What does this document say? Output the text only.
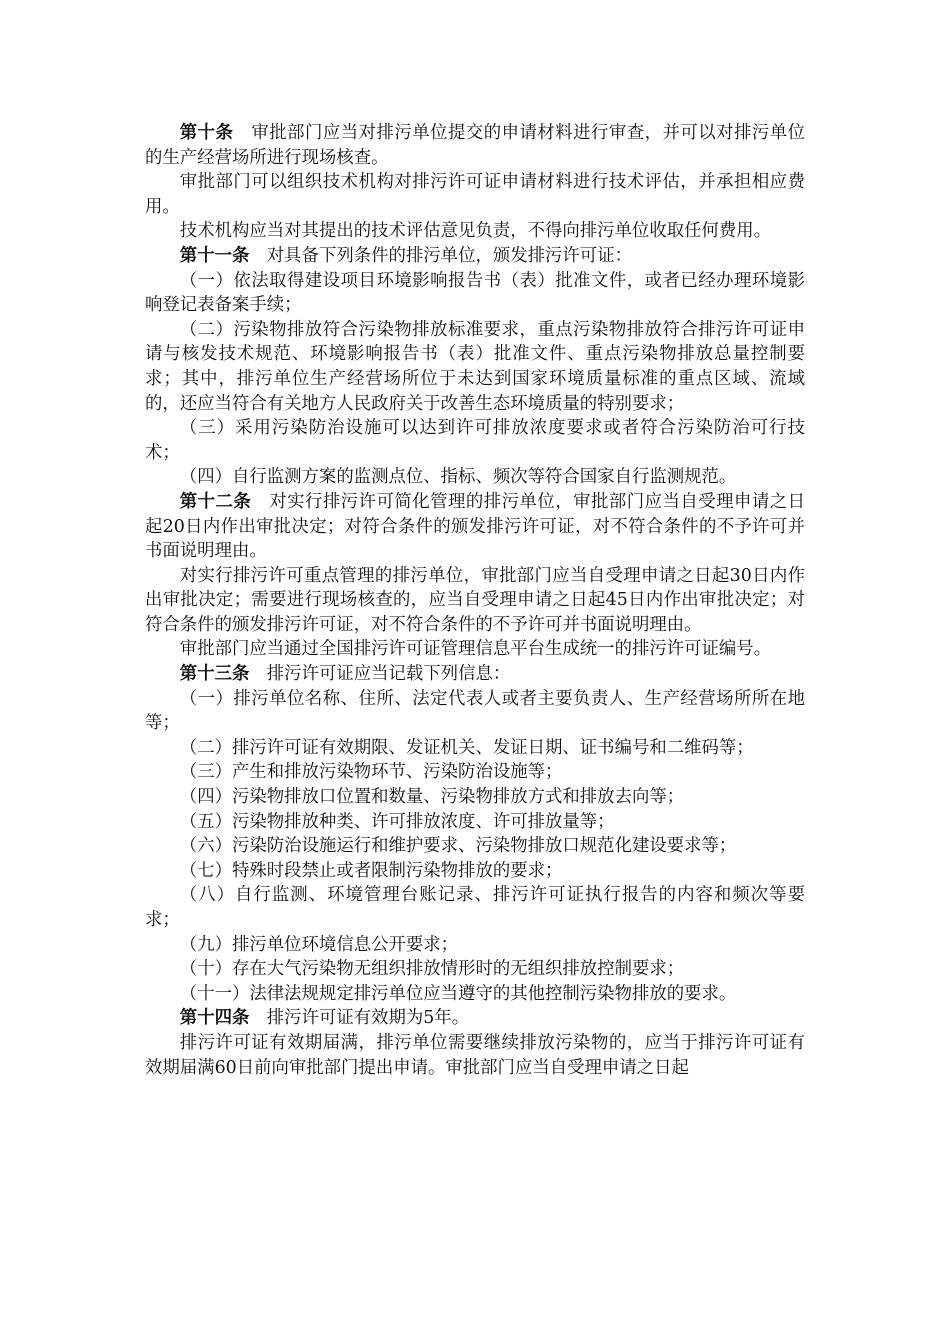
第十条 审批部门应当对排污单位提交的申请材料进行审查，并可以对排污单位的生产经营场所进行现场核查。

审批部门可以组织技术机构对排污许可证申请材料进行技术评估，并承担相应费用。

技术机构应当对其提出的技术评估意见负责，不得向排污单位收取任何费用。

第十一条 对具备下列条件的排污单位，颁发排污许可证：

（一）依法取得建设项目环境影响报告书（表）批准文件，或者已经办理环境影响登记表备案手续；

（二）污染物排放符合污染物排放标准要求，重点污染物排放符合排污许可证申请与核发技术规范、环境影响报告书（表）批准文件、重点污染物排放总量控制要求；其中，排污单位生产经营场所位于未达到国家环境质量标准的重点区域、流域的，还应当符合有关地方人民政府关于改善生态环境质量的特别要求；

（三）采用污染防治设施可以达到许可排放浓度要求或者符合污染防治可行技术；

（四）自行监测方案的监测点位、指标、频次等符合国家自行监测规范。

第十二条 对实行排污许可简化管理的排污单位，审批部门应当自受理申请之日起20日内作出审批决定；对符合条件的颁发排污许可证，对不符合条件的不予许可并书面说明理由。

对实行排污许可重点管理的排污单位，审批部门应当自受理申请之日起30日内作出审批决定；需要进行现场核查的，应当自受理申请之日起45日内作出审批决定；对符合条件的颁发排污许可证，对不符合条件的不予许可并书面说明理由。

审批部门应当通过全国排污许可证管理信息平台生成统一的排污许可证编号。

第十三条 排污许可证应当记载下列信息：

（一）排污单位名称、住所、法定代表人或者主要负责人、生产经营场所所在地等；

（二）排污许可证有效期限、发证机关、发证日期、证书编号和二维码等；

（三）产生和排放污染物环节、污染防治设施等；

（四）污染物排放口位置和数量、污染物排放方式和排放去向等；

（五）污染物排放种类、许可排放浓度、许可排放量等；

（六）污染防治设施运行和维护要求、污染物排放口规范化建设要求等；

（七）特殊时段禁止或者限制污染物排放的要求；

（八）自行监测、环境管理台账记录、排污许可证执行报告的内容和频次等要求；

（九）排污单位环境信息公开要求；

（十）存在大气污染物无组织排放情形时的无组织排放控制要求；

（十一）法律法规规定排污单位应当遵守的其他控制污染物排放的要求。

第十四条 排污许可证有效期为5年。

排污许可证有效期届满，排污单位需要继续排放污染物的，应当于排污许可证有效期届满60日前向审批部门提出申请。审批部门应当自受理申请之日起
